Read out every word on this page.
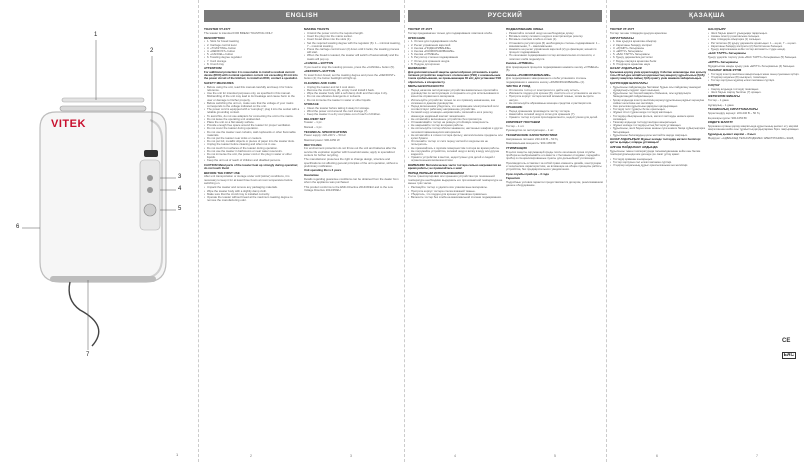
VITEK
1
2
3
4
5
6
7
1
ENGLISH
TOASTER VT-1577

The toaster is intended FOR BREAD TOASTING ONLY.

DESCRIPTION
• 1. Slots for bread toasting
• 2. Carriage control lever
• 3. «TOASTING» button
• 4. «DEFROST» button
• 5. «CANCEL» button
• 6. Toasting degree regulator
• 7. Cord storage
• 8. Crumb tray
ATTENTION!

For additional protection it is reasonable to install a residual current device (RCD) with nominal operation current not exceeding 30 mA into the power circuit of the kitchen; to install an RCD, contact a specialist.

SAFETY MEASURES
• Before using the unit, read this manual carefully and keep it for future reference.
• Use the unit for intended purposes only, as specified in this manual. Mishandling of the unit may lead to its breakage and cause harm to the user or damage to his/her property.
• Before switching the unit on, make sure that the voltage of your mains corresponds to the voltage indicated on the unit.
• The power cord is equipped with a "europlug"; plug it into the socket with a reliable grounding contact.
• To avoid fire, do not use adapters for connecting the unit to the mains.
• Do not leave the operating unit unattended.
• Place the unit on a flat steady surface.
• Provide enough free space around the toaster for proper ventilation.
• Do not cover the toaster during operation.
• Do not use the toaster near curtains, wall cupboards or other flammable materials.
• Do not put the toaster near sinks or cookers.
• Do not put foil, metallic objects or pieces of paper into the toaster slots.
• Unplug the toaster before cleaning and when not in use.
• Do not touch hot surfaces of the toaster during operation.
• Do not use the toaster in bathrooms or near water reservoirs.
• Do not immerse the unit, the power cord or the plug in water or other liquids.
• Keep the unit out of reach of children and disabled persons.

CAUTION! Metal parts of the toaster heat up strongly during operation; do not touch them!

BEFORE THE FIRST USE

After unit transportation or storage under cold (winter) conditions, it is necessary to keep it for at least three hours at room temperature before switching on.

• Unpack the toaster and remove any packaging materials.
• Wipe the toaster body with a slightly damp cloth.
• Make sure that the crumb tray is installed correctly.
• Operate the toaster without bread at the maximum toasting degree to remove the manufacturing odor.
MAKING TOASTS
• Unwind the power cord to the required length.
• Insert the plug into the mains socket.
• Insert bread slices into the slots (1).
• Set the required toasting degree with the regulator (6): 1 – minimal toasting, 7 – maximal toasting.
• Press the carriage control lever (2) down until it locks; the toasting process will start.
• When the bread is toasted, the toaster will switch off automatically and the toasts will pop up.
«CANCEL» BUTTON

If you need to stop the toasting process, press the «CANCEL» button (5).

«DEFROST» BUTTON

To toast frozen bread, set the toasting degree and press the «DEFROST» button (4); the button backlight will light up.

CLEANING AND CARE
• Unplug the toaster and let it cool down.
• Remove the crumb tray (8), empty it and install it back.
• Wipe the toaster body with a soft damp cloth and then wipe it dry.
• Do not use abrasive detergents or solvents.
• Do not immerse the toaster in water or other liquids.
STORAGE
• Clean the toaster before taking it away for storage.
• Wind the power cord around the cord storage (7).
• Keep the toaster in a dry cool place out of reach of children.
DELIVERY SET

Toaster – 1 pc.

Manual – 1 pc.

TECHNICAL SPECIFICATIONS

Power supply: 220-240 V ~ 50 Hz

Maximal power: 900-1050 W

RECYCLING

For environment protection do not throw out the unit and batteries after the service life expiration together with household waste; apply to specialized centers for further recycling.

The manufacturer preserves the right to change design, structure and specifications not affecting general principles of the unit operation, without a preliminary notification.

Unit operating life is 3 years

Guarantee

Details regarding guarantee conditions can be obtained from the dealer from whom the appliance was purchased.

This product conforms to the EMC-Directive 2014/30/EU and to the Low Voltage Directive 2014/35/EU.

2	3
РУССКИЙ
ТОСТЕР VT-1577

Тостер предназначен только для поджаривания ломтиков хлеба.

ОПИСАНИЕ
• 1. Отсеки для поджаривания хлеба
• 2. Рычаг управления кареткой
• 3. Кнопка «ПОДЖАРИВАНИЕ»
• 4. Кнопка «РАЗМОРАЖИВАНИЕ»
• 5. Кнопка «ОТМЕНА»
• 6. Регулятор степени поджаривания
• 7. Отсек для хранения шнура
• 8. Поддон для крошек
ВНИМАНИЕ!

Для дополнительной защиты целесообразно установить в цепи питания устройство защитного отключения (УЗО) с номинальным током срабатывания, не превышающим 30 мА; для установки УЗО обратитесь к специалисту.

МЕРЫ БЕЗОПАСНОСТИ
• Перед началом эксплуатации устройства внимательно прочитайте руководство по эксплуатации и сохраните его для использования в качестве справочного материала.
• Используйте устройство только по его прямому назначению, как изложено в данном руководстве.
• Перед включением убедитесь, что напряжение электрической сети соответствует рабочему напряжению устройства.
• Сетевой шнур оснащён «евровилкой»; включайте её в розетку, имеющую надёжный контакт заземления.
• Не оставляйте включённое устройство без присмотра.
• Устанавливайте тостер на ровную устойчивую поверхность.
• Не накрывайте тостер во время работы.
• Не используйте тостер вблизи занавесок, настенных шкафов и других легковоспламеняющихся материалов.
• Не вставляйте в отсеки тостера фольгу, металлические предметы или куски бумаги.
• Отключайте тостер от сети перед чисткой и когда вы им не пользуетесь.
• Не прикасайтесь к горячим поверхностям тостера во время работы.
• Не погружайте устройство, сетевой шнур и вилку в воду или другие жидкости.
• Храните устройство в местах, недоступных для детей и людей с ограниченными возможностями.

ВНИМАНИЕ! Металлические части тостера сильно нагреваются во время работы; не прикасайтесь к ним!

ПЕРЕД ПЕРВЫМ ИСПОЛЬЗОВАНИЕМ

После транспортировки или хранения устройства при пониженной температуре необходимо выдержать его при комнатной температуре не менее трёх часов.

• Распакуйте тостер и удалите все упаковочные материалы.
• Протрите корпус тостера слегка влажной тканью.
• Убедитесь, что поддон для крошек установлен правильно.
• Включите тостер без хлеба на максимальной степени поджаривания.
ПОДЖАРИВАНИЕ ХЛЕБА
• Размотайте сетевой шнур на необходимую длину.
• Вставьте вилку сетевого шнура в электрическую розетку.
• Вставьте ломтики хлеба в отсеки (1).
• Установите регулятором (6) необходимую степень поджаривания: 1 – минимальная, 7 – максимальная.
• Нажмите на рычаг управления кареткой (2) до фиксации; начнётся процесс поджаривания.
• По окончании поджаривания тостер автоматически отключится, и ломтики хлеба поднимутся.
Кнопка «ОТМЕНА»

Для прекращения процесса поджаривания нажмите кнопку «ОТМЕНА» (5).

Кнопка «РАЗМОРАЖИВАНИЕ»

Для поджаривания замороженного хлеба установите степень поджаривания и нажмите кнопку «РАЗМОРАЖИВАНИЕ» (4).

ЧИСТКА И УХОД
• Отключите тостер от электросети и дайте ему остыть.
• Извлеките поддон для крошек (8), очистите его и установите на место.
• Протрите корпус тостера мягкой влажной тканью, затем вытрите насухо.
• Не используйте абразивные моющие средства и растворители.
ХРАНЕНИЕ
• Перед хранением произведите чистку тостера.
• Намотайте сетевой шнур в отсек для хранения (7).
• Храните тостер в сухом прохладном месте, недоступном для детей.
КОМПЛЕКТ ПОСТАВКИ

Тостер – 1 шт.

Руководство по эксплуатации – 1 шт.

ТЕХНИЧЕСКИЕ ХАРАКТЕРИСТИКИ

Напряжение питания: 220-240 В ~ 50 Гц

Максимальная мощность: 900-1050 Вт

УТИЛИЗАЦИЯ

В целях защиты окружающей среды после окончания срока службы прибора не выбрасывайте его вместе с бытовыми отходами, передайте прибор в специализированные пункты для дальнейшей утилизации.

Производитель оставляет за собой право изменять дизайн, конструкцию и технические характеристики, не влияющие на общие принципы работы устройства, без предварительного уведомления.

Срок службы прибора – 3 года

Гарантия

Подробные условия гарантии предоставляются дилером, реализовавшим данное оборудование.

4	5
ҚАЗАҚША
ТОСТЕР VT-1577

Тостер тек нан тілімдерін қуыруға арналған.

СИПАТТАМАСЫ
• 1. Нан қуыруға арналған ойықтар
• 2. Каретканы басқару иінтірегі
• 3. «ҚУЫРУ» батырмасы
• 4. «ЕРІТУ» батырмасы
• 5. «БАС ТАРТУ» батырмасы
• 6. Қуыру дәрежесінің реттегіші
• 7. Бауды сақтауға арналған бөлік
• 8. Үгінділерге арналған науа
НАЗАР АУДАРЫҢЫЗ!

Қосымша қорғау үшін қоректендіру тізбегіне номиналды іске қосылу тоғы 30 мА-ден аспайтын қорғаныстық ажырату құрылғысын (ҚАҚ) орнату мақсатқа лайық; ҚАҚ орнату үшін маманға хабарласыңыз.

ҚАУІПСІЗДІК ШАРАЛАРЫ
• Құрылғыны пайдалануды бастамас бұрын осы пайдалану жөніндегі нұсқаулықты мұқият оқып шығыңыз.
• Құрылғыны тек тікелей мақсаты бойынша, осы нұсқаулықта баяндалғандай пайдаланыңыз.
• Қосар алдында электр желісінің кернеуі құрылғының жұмыс кернеуіне сәйкес келетініне көз жеткізіңіз.
• Іске қосылған құрылғыны қараусыз қалдырмаңыз.
• Тостерді тегіс тұрақты бетке орнатыңыз.
• Жұмыс істеп тұрған кезде тостерді жаппаңыз.
• Тостердің ойықтарына фольга, металл заттарды немесе қағаз салмаңыз.
• Тазалар алдында тостерді желіден ажыратыңыз.
• Жұмыс кезінде тостердің ыстық беттерін ұстамаңыз.
• Құрылғыны, желі бауын және ашаны суға немесе басқа сұйықтықтарға батырмаңыз.
• Құрылғыны балалардың қолы жетпейтін жерде сақтаңыз.

НАЗАР АУДАРЫҢЫЗ! Жұмыс кезінде тостердің металл бөліктері қатты қызады; оларды ұстамаңыз!

АЛҒАШ ПАЙДАЛАНУ АЛДЫНДА

Құрылғыны төмен температурада тасымалдағаннан кейін оны бөлме температурасында кем дегенде үш сағат ұстау қажет.

• Тостерді орамнан шығарыңыз.
• Тостер корпусын сәл ылғал матамен сүртіңіз.
• Үгінділер науасының дұрыс орнатылғанына көз жеткізіңіз.
НАН ҚУЫРУ
• Желі бауын қажетті ұзындыққа тарқатыңыз.
• Ашаны электр розеткасына салыңыз.
• Нан тілімдерін ойықтарға (1) салыңыз.
• Реттегішпен (6) қуыру дәрежесін орнатыңыз: 1 – ең аз, 7 – ең көп.
• Каретканы басқару иінтірегін (2) бекітілгенше басыңыз.
• Қуыру аяқталғаннан кейін тостер автоматты түрде өшеді.
«БАС ТАРТУ» батырмасы

Қуыру үдерісін тоқтату үшін «БАС ТАРТУ» батырмасын (5) басыңыз.

«ЕРІТУ» батырмасы

Мұздатылған нанды қуыру үшін «ЕРІТУ» батырмасын (4) басыңыз.

ТАЗАЛАУ ЖӘНЕ КҮТІМ
• Тостерді электр желісінен ажыратыңыз және оның суығанын күтіңіз.
• Үгінділер науасын (8) шығарып, тазалаңыз.
• Тостер корпусын жұмсақ ылғал матамен сүртіңіз.
САҚТАУ
• Сақтау алдында тостерді тазалаңыз.
• Желі бауын сақтау бөлігіне (7) ораңыз.
ЖЕТКІЗІЛІМ ЖИНАҒЫ

Тостер – 1 дана

Нұсқаулық – 1 дана

ТЕХНИКАЛЫҚ СИПАТТАМАЛАРЫ

Қоректендіру кернеуі: 220-240 В ~ 50 Гц

Ең жоғары қуаты: 900-1050 Вт

КӘДЕГЕ ЖАРАТУ

Қоршаған ортаны қорғау мақсатында құрылғының қызмет ету мерзімі аяқталғаннан кейін оны тұрмыстық қалдықтармен бірге лақтырмаңыз.

Құралдың қызмет мерзімі – 3 жыл

Өндіруші: «АДВАНСЕД ТЕХНОЛОДЖИЕС ЭЛЕКТРОНИКС» ЖШҚ

CE
EAC
6	7
